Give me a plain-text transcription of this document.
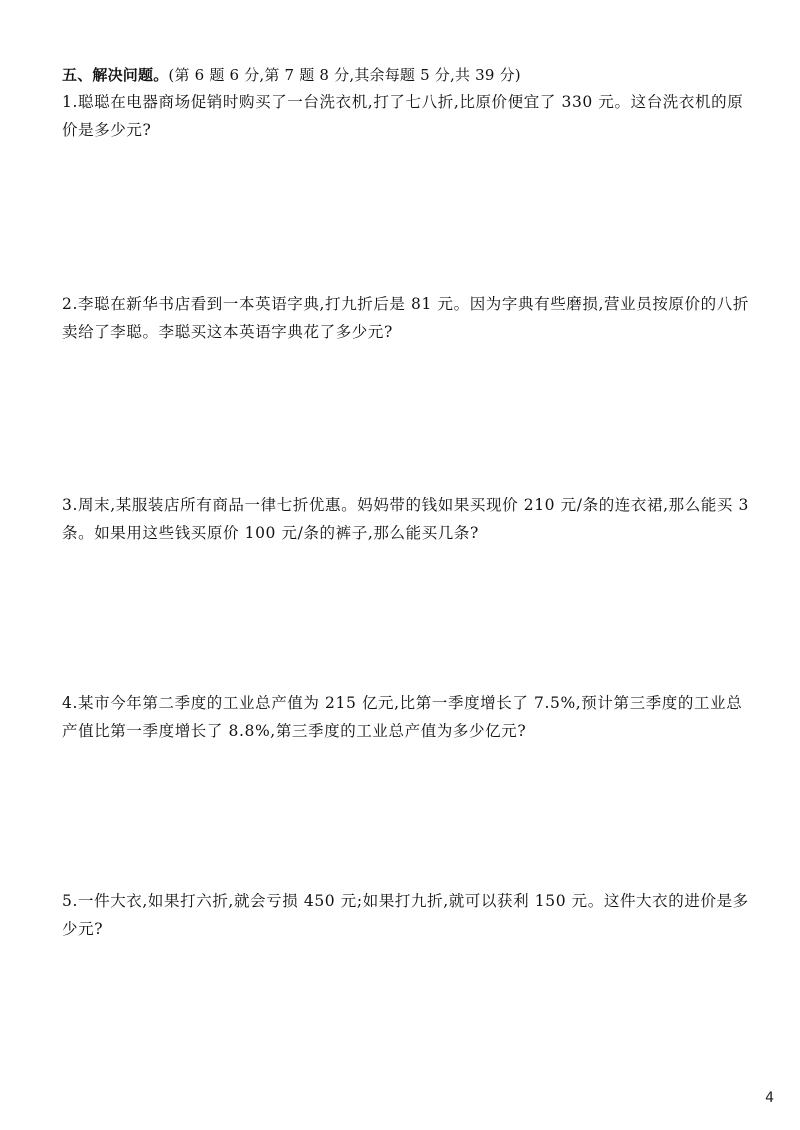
五、解决问题。(第 6 题 6 分,第 7 题 8 分,其余每题 5 分,共 39 分)
1.聪聪在电器商场促销时购买了一台洗衣机,打了七八折,比原价便宜了 330 元。这台洗衣机的原价是多少元?
2.李聪在新华书店看到一本英语字典,打九折后是 81 元。因为字典有些磨损,营业员按原价的八折卖给了李聪。李聪买这本英语字典花了多少元?
3.周末,某服装店所有商品一律七折优惠。妈妈带的钱如果买现价 210 元/条的连衣裙,那么能买 3 条。如果用这些钱买原价 100 元/条的裤子,那么能买几条?
4.某市今年第二季度的工业总产值为 215 亿元,比第一季度增长了 7.5%,预计第三季度的工业总产值比第一季度增长了 8.8%,第三季度的工业总产值为多少亿元?
5.一件大衣,如果打六折,就会亏损 450 元;如果打九折,就可以获利 150 元。这件大衣的进价是多少元?
4
